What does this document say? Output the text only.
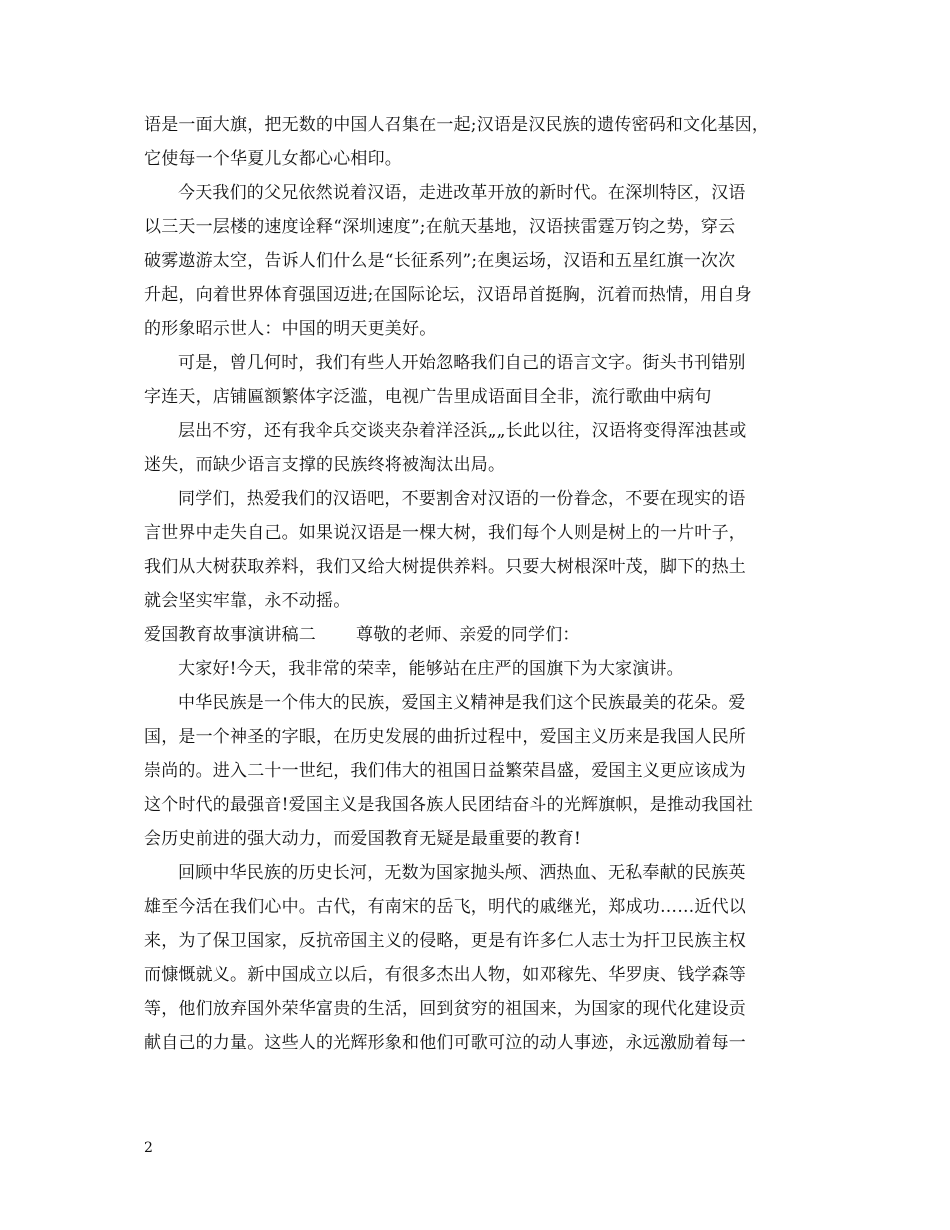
语是一面大旗，把无数的中国人召集在一起;汉语是汉民族的遗传密码和文化基因，
它使每一个华夏儿女都心心相印。
今天我们的父兄依然说着汉语，走进改革开放的新时代。在深圳特区，汉语
以三天一层楼的速度诠释“深圳速度”;在航天基地，汉语挟雷霆万钧之势，穿云
破雾遨游太空，告诉人们什么是“长征系列”;在奥运场，汉语和五星红旗一次次
升起，向着世界体育强国迈进;在国际论坛，汉语昂首挺胸，沉着而热情，用自身
的形象昭示世人：中国的明天更美好。
可是，曾几何时，我们有些人开始忽略我们自己的语言文字。街头书刊错别
字连天，店铺匾额繁体字泛滥，电视广告里成语面目全非，流行歌曲中病句
层出不穷，还有我伞兵交谈夹杂着洋泾浜„„长此以往，汉语将变得浑浊甚或
迷失，而缺少语言支撑的民族终将被淘汰出局。
同学们，热爱我们的汉语吧，不要割舍对汉语的一份眷念，不要在现实的语
言世界中走失自己。如果说汉语是一棵大树，我们每个人则是树上的一片叶子，
我们从大树获取养料，我们又给大树提供养料。只要大树根深叶茂，脚下的热土
就会坚实牢靠，永不动摇。
爱国教育故事演讲稿二 尊敬的老师、亲爱的同学们：
大家好!今天，我非常的荣幸，能够站在庄严的国旗下为大家演讲。
中华民族是一个伟大的民族，爱国主义精神是我们这个民族最美的花朵。爱
国，是一个神圣的字眼，在历史发展的曲折过程中，爱国主义历来是我国人民所
崇尚的。进入二十一世纪，我们伟大的祖国日益繁荣昌盛，爱国主义更应该成为
这个时代的最强音!爱国主义是我国各族人民团结奋斗的光辉旗帜，是推动我国社
会历史前进的强大动力，而爱国教育无疑是最重要的教育!
回顾中华民族的历史长河，无数为国家抛头颅、洒热血、无私奉献的民族英
雄至今活在我们心中。古代，有南宋的岳飞，明代的戚继光，郑成功……近代以
来，为了保卫国家，反抗帝国主义的侵略，更是有许多仁人志士为扞卫民族主权
而慷慨就义。新中国成立以后，有很多杰出人物，如邓稼先、华罗庚、钱学森等
等，他们放弃国外荣华富贵的生活，回到贫穷的祖国来，为国家的现代化建设贡
献自己的力量。这些人的光辉形象和他们可歌可泣的动人事迹，永远激励着每一
2
